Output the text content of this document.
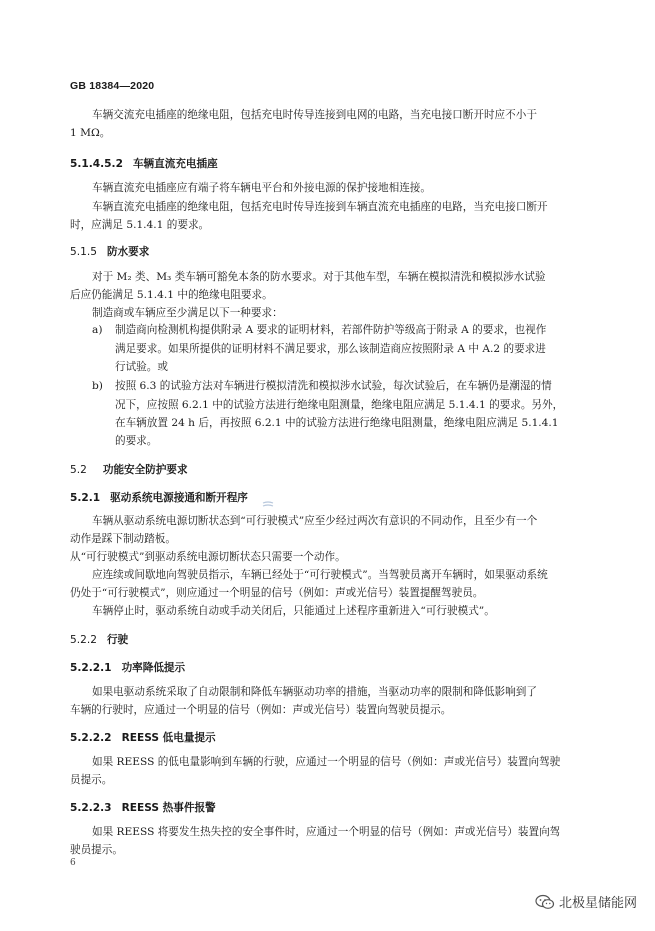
GB 18384—2020
车辆交流充电插座的绝缘电阻，包括充电时传导连接到电网的电路，当充电接口断开时应不小于
1 MΩ。
5.1.4.5.2 车辆直流充电插座
车辆直流充电插座应有端子将车辆电平台和外接电源的保护接地相连接。
车辆直流充电插座的绝缘电阻，包括充电时传导连接到车辆直流充电插座的电路，当充电接口断开
时，应满足 5.1.4.1 的要求。
5.1.5 防水要求
对于 M₂ 类、M₃ 类车辆可豁免本条的防水要求。对于其他车型，车辆在模拟清洗和模拟涉水试验
后应仍能满足 5.1.4.1 中的绝缘电阻要求。
制造商或车辆应至少满足以下一种要求：
a) 制造商向检测机构提供附录 A 要求的证明材料，若部件防护等级高于附录 A 的要求，也视作
满足要求。如果所提供的证明材料不满足要求，那么该制造商应按照附录 A 中 A.2 的要求进
行试验。或
b) 按照 6.3 的试验方法对车辆进行模拟清洗和模拟涉水试验，每次试验后，在车辆仍是潮湿的情
况下，应按照 6.2.1 中的试验方法进行绝缘电阻测量，绝缘电阻应满足 5.1.4.1 的要求。另外，
在车辆放置 24 h 后，再按照 6.2.1 中的试验方法进行绝缘电阻测量，绝缘电阻应满足 5.1.4.1
的要求。
5.2 功能安全防护要求
5.2.1 驱动系统电源接通和断开程序
车辆从驱动系统电源切断状态到“可行驶模式”应至少经过两次有意识的不同动作，且至少有一个
动作是踩下制动踏板。
从“可行驶模式”到驱动系统电源切断状态只需要一个动作。
应连续或间歇地向驾驶员指示，车辆已经处于“可行驶模式”。当驾驶员离开车辆时，如果驱动系统
仍处于“可行驶模式”，则应通过一个明显的信号（例如：声或光信号）装置提醒驾驶员。
车辆停止时，驱动系统自动或手动关闭后，只能通过上述程序重新进入“可行驶模式”。
5.2.2 行驶
5.2.2.1 功率降低提示
如果电驱动系统采取了自动限制和降低车辆驱动功率的措施，当驱动功率的限制和降低影响到了
车辆的行驶时，应通过一个明显的信号（例如：声或光信号）装置向驾驶员提示。
5.2.2.2 REESS 低电量提示
如果 REESS 的低电量影响到车辆的行驶，应通过一个明显的信号（例如：声或光信号）装置向驾驶
员提示。
5.2.2.3 REESS 热事件报警
如果 REESS 将要发生热失控的安全事件时，应通过一个明显的信号（例如：声或光信号）装置向驾
驶员提示。
6
北极星储能网
